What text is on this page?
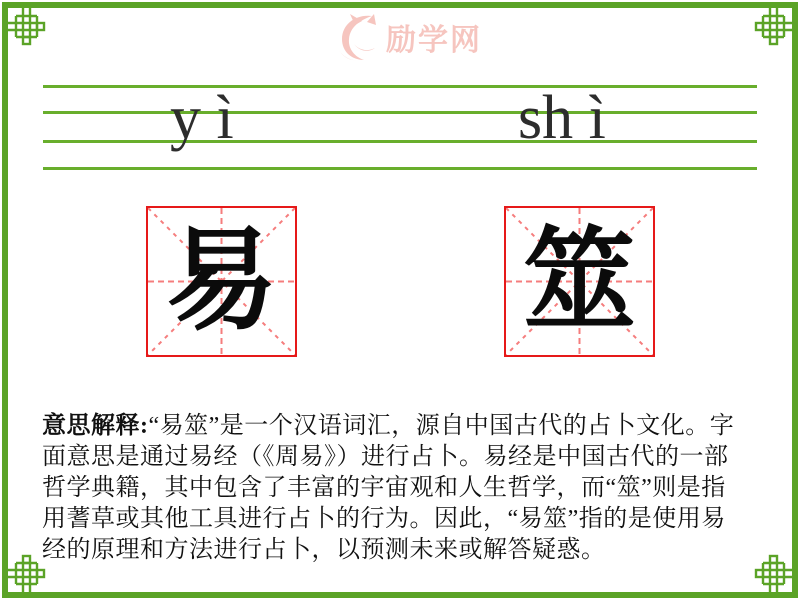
励学网
y ì	sh ì
易 筮
意思解释:“易筮”是一个汉语词汇，源自中国古代的占卜文化。字
面意思是通过易经（《周易》）进行占卜。易经是中国古代的一部
哲学典籍，其中包含了丰富的宇宙观和人生哲学，而“筮”则是指
用蓍草或其他工具进行占卜的行为。因此，“易筮”指的是使用易
经的原理和方法进行占卜，以预测未来或解答疑惑。
